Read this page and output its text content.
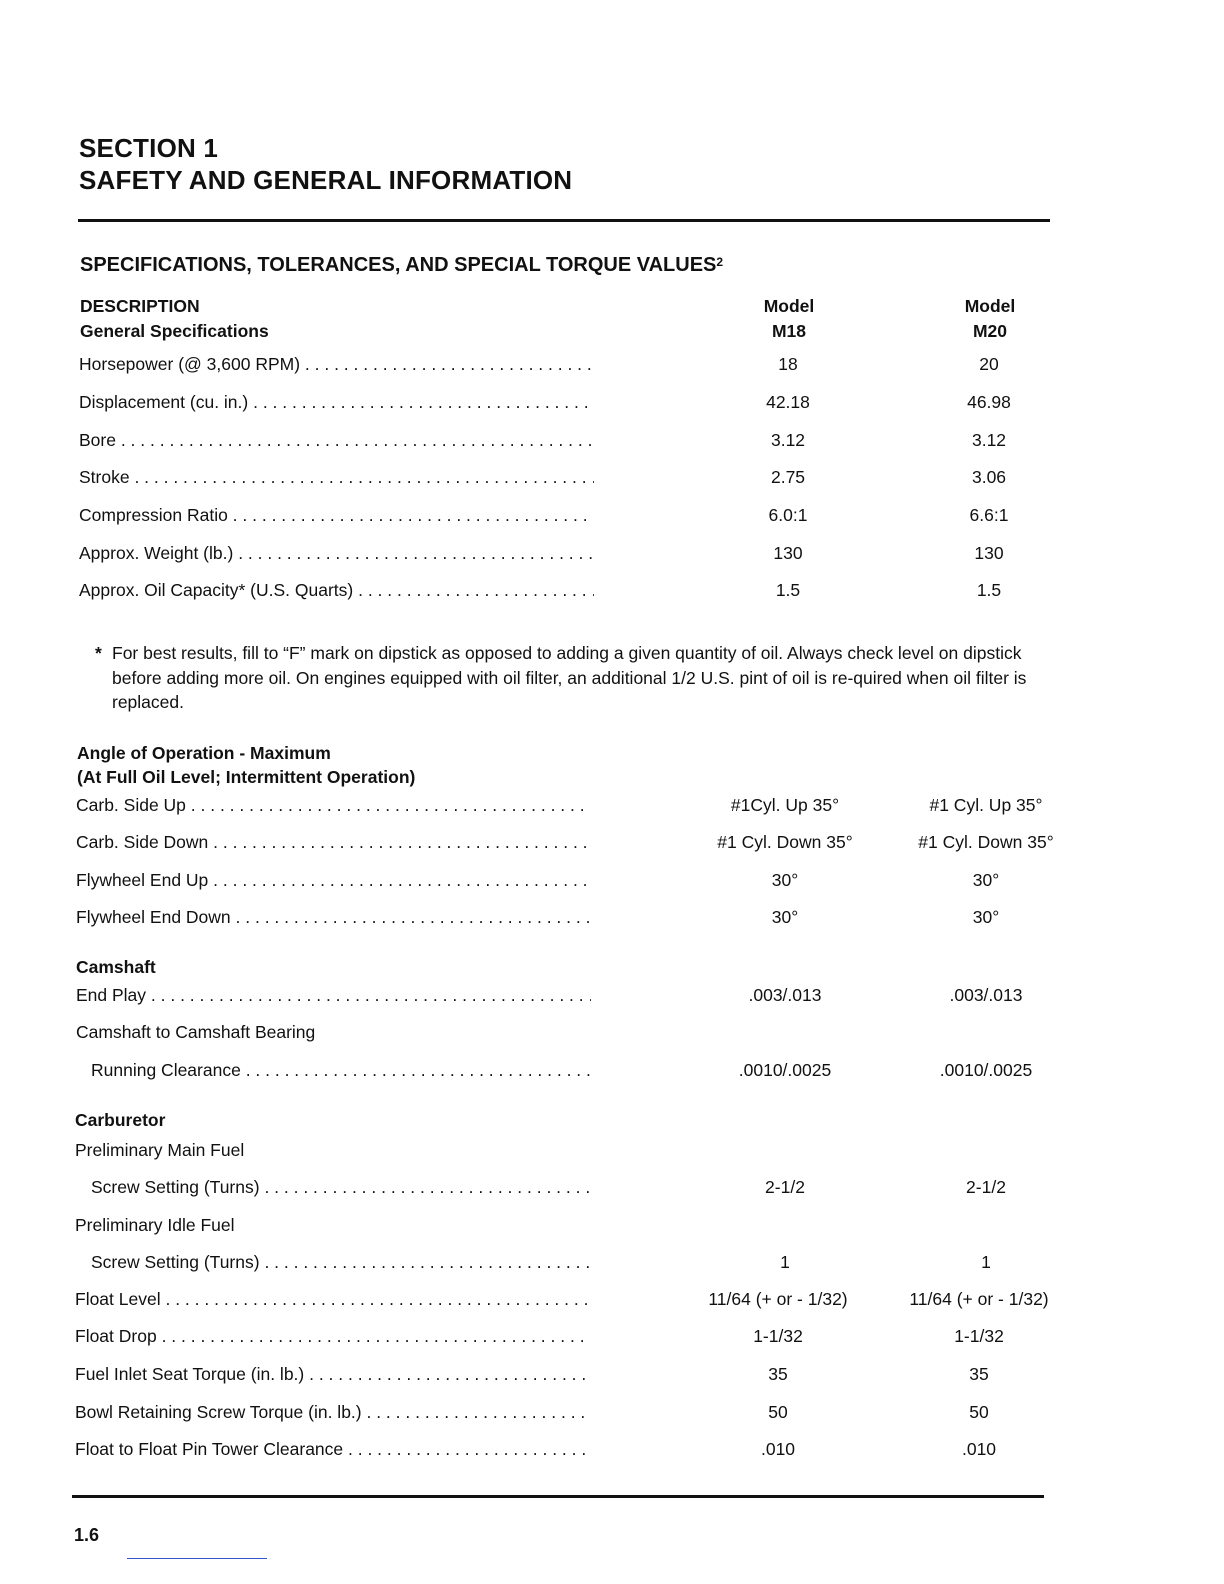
SECTION 1
SAFETY AND GENERAL INFORMATION
SPECIFICATIONS, TOLERANCES, AND SPECIAL TORQUE VALUES$^2$
DESCRIPTION	Model	Model
General Specifications	M18	M20
Horsepower (@ 3,600 RPM) . . .	18	20
Displacement (cu. in.) . . .	42.18	46.98
Bore . . .	3.12	3.12
Stroke . . .	2.75	3.06
Compression Ratio . . .	6.0:1	6.6:1
Approx. Weight (lb.) . . .	130	130
Approx. Oil Capacity* (U.S. Quarts) . . .	1.5	1.5
* For best results, fill to “F” mark on dipstick as opposed to adding a given quantity of oil. Always check level on dipstick before adding more oil. On engines equipped with oil filter, an additional 1/2 U.S. pint of oil is re-quired when oil filter is replaced.
Angle of Operation - Maximum
(At Full Oil Level; Intermittent Operation)
Carb. Side Up . . .	#1Cyl. Up 35°	#1 Cyl. Up 35°
Carb. Side Down . . .	#1 Cyl. Down 35°	#1 Cyl. Down 35°
Flywheel End Up . . .	30°	30°
Flywheel End Down . . .	30°	30°
Camshaft
End Play . . .	.003/.013	.003/.013
Camshaft to Camshaft Bearing
Running Clearance . . .	.0010/.0025	.0010/.0025
Carburetor
Preliminary Main Fuel
Screw Setting (Turns) . . .	2-1/2	2-1/2
Preliminary Idle Fuel
Screw Setting (Turns) . . .	1	1
Float Level . . .	11/64 (+ or - 1/32)	11/64 (+ or - 1/32)
Float Drop . . .	1-1/32	1-1/32
Fuel Inlet Seat Torque (in. lb.) . . .	35	35
Bowl Retaining Screw Torque (in. lb.) . . .	50	50
Float to Float Pin Tower Clearance . . .	.010	.010
1.6
